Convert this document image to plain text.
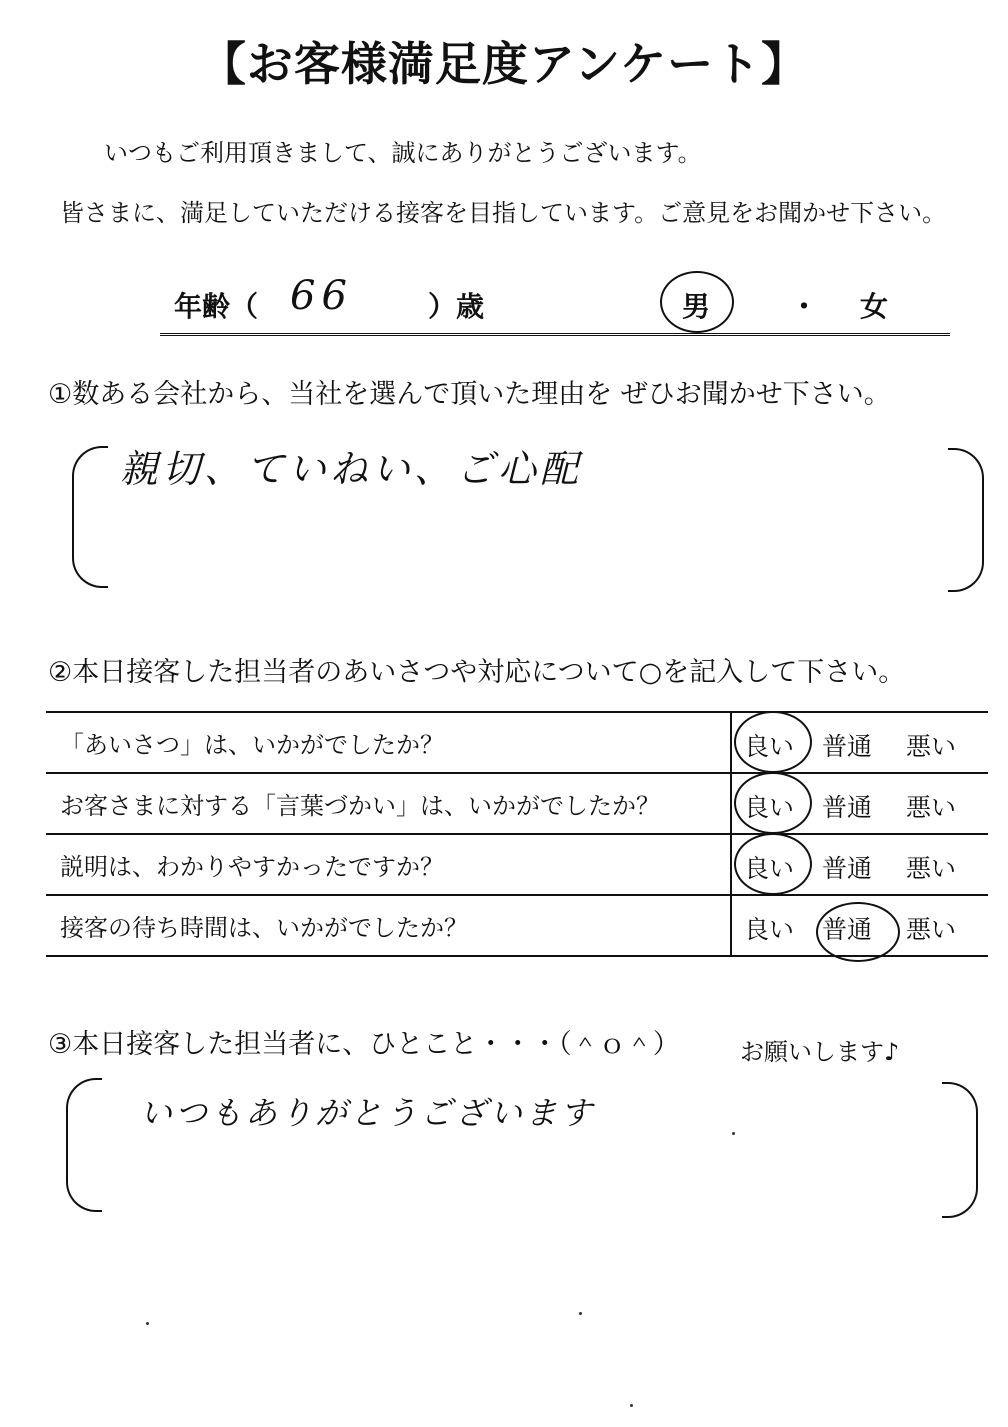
【お客様満足度アンケート】
いつもご利用頂きまして、誠にありがとうございます。
皆さまに、満足していただける接客を目指しています。ご意見をお聞かせ下さい。
年齢（ 66	）歳	男	・ 女
①数ある会社から、当社を選んで頂いた理由を ぜひお聞かせ下さい。
親切、ていねい、ご心配
②本日接客した担当者のあいさつや対応について○を記入して下さい。
「あいさつ」は、いかがでしたか？	良い 普通 悪い

お客さまに対する「言葉づかい」は、いかがでしたか？	良い 普通 悪い

説明は、わかりやすかったですか？	良い 普通 悪い

接客の待ち時間は、いかがでしたか？	良い 普通 悪い
③本日接客した担当者に、ひとこと・・・（＾ｏ＾）	お願いします♪
いつもありがとうございます
